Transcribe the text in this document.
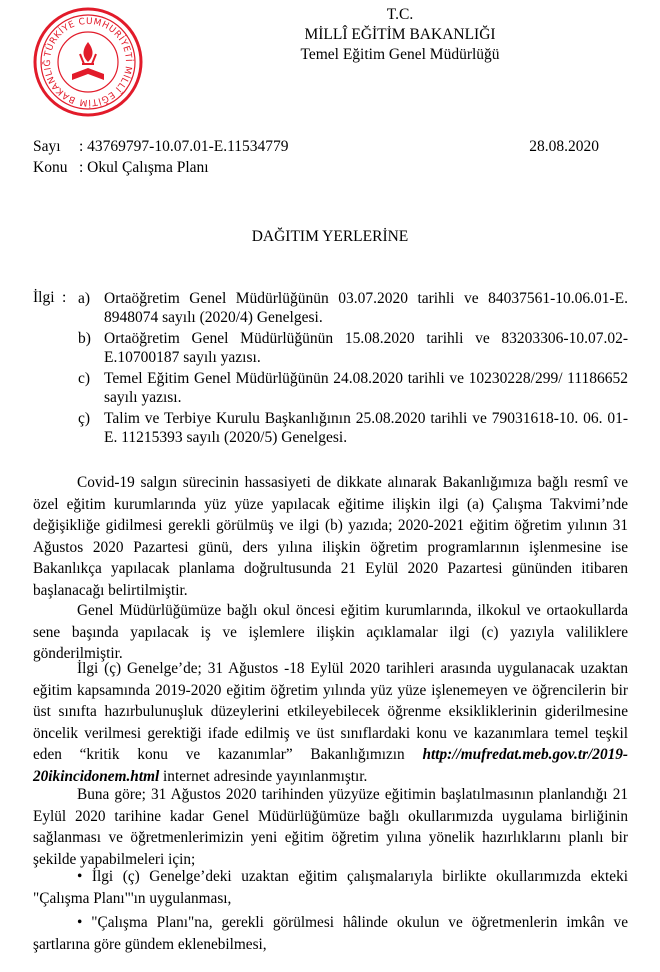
TÜRKİYE CUMHURİYETİ MİLLÎ EĞİTİM BAKANLIĞ
T.C.
MİLLÎ EĞİTİM BAKANLIĞI
Temel Eğitim Genel Müdürlüğü
Sayı : 43769797-10.07.01-E.11534779	28.08.2020
Konu : Okul Çalışma Planı
DAĞITIM YERLERİNE
İlgi : a) Ortaöğretim Genel Müdürlüğünün 03.07.2020 tarihli ve 84037561-10.06.01-E. 8948074 sayılı (2020/4) Genelgesi.
b) Ortaöğretim Genel Müdürlüğünün 15.08.2020 tarihli ve 83203306-10.07.02-E.10700187 sayılı yazısı.
c) Temel Eğitim Genel Müdürlüğünün 24.08.2020 tarihli ve 10230228/299/ 11186652 sayılı yazısı.
ç) Talim ve Terbiye Kurulu Başkanlığının 25.08.2020 tarihli ve 79031618-10. 06. 01-E. 11215393 sayılı (2020/5) Genelgesi.
Covid-19 salgın sürecinin hassasiyeti de dikkate alınarak Bakanlığımıza bağlı resmî ve özel eğitim kurumlarında yüz yüze yapılacak eğitime ilişkin ilgi (a) Çalışma Takvimi’nde değişikliğe gidilmesi gerekli görülmüş ve ilgi (b) yazıda; 2020-2021 eğitim öğretim yılının 31 Ağustos 2020 Pazartesi günü, ders yılına ilişkin öğretim programlarının işlenmesine ise Bakanlıkça yapılacak planlama doğrultusunda 21 Eylül 2020 Pazartesi gününden itibaren başlanacağı belirtilmiştir.
Genel Müdürlüğümüze bağlı okul öncesi eğitim kurumlarında, ilkokul ve ortaokullarda sene başında yapılacak iş ve işlemlere ilişkin açıklamalar ilgi (c) yazıyla valiliklere gönderilmiştir.
İlgi (ç) Genelge’de; 31 Ağustos -18 Eylül 2020 tarihleri arasında uygulanacak uzaktan eğitim kapsamında 2019-2020 eğitim öğretim yılında yüz yüze işlenemeyen ve öğrencilerin bir üst sınıfta hazırbulunuşluk düzeylerini etkileyebilecek öğrenme eksikliklerinin giderilmesine öncelik verilmesi gerektiği ifade edilmiş ve üst sınıflardaki konu ve kazanımlara temel teşkil eden “kritik konu ve kazanımlar” Bakanlığımızın http://mufredat.meb.gov.tr/2019-20ikincidonem.html internet adresinde yayınlanmıştır.
Buna göre; 31 Ağustos 2020 tarihinden yüzyüze eğitimin başlatılmasının planlandığı 21 Eylül 2020 tarihine kadar Genel Müdürlüğümüze bağlı okullarımızda uygulama birliğinin sağlanması ve öğretmenlerimizin yeni eğitim öğretim yılına yönelik hazırlıklarını planlı bir şekilde yapabilmeleri için;
• İlgi (ç) Genelge’deki uzaktan eğitim çalışmalarıyla birlikte okullarımızda ekteki "Çalışma Planı"'ın uygulanması,
• "Çalışma Planı"na, gerekli görülmesi hâlinde okulun ve öğretmenlerin imkân ve şartlarına göre gündem eklenebilmesi,
